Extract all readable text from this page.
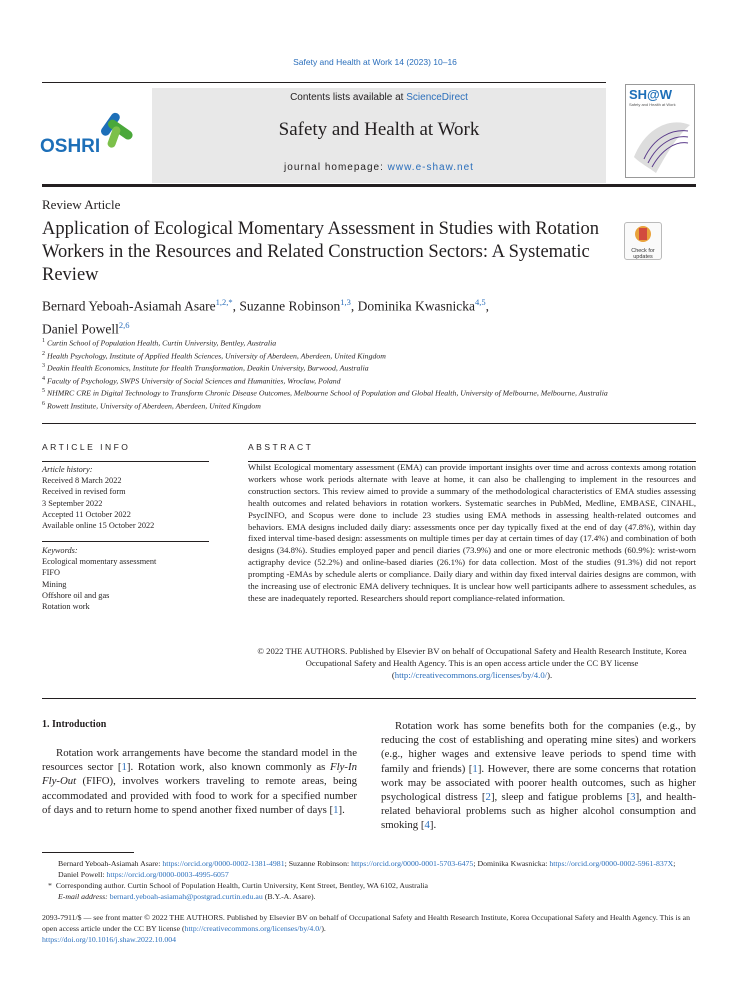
Safety and Health at Work 14 (2023) 10–16
Contents lists available at ScienceDirect
Safety and Health at Work
journal homepage: www.e-shaw.net
OSHRI
SH@W
Safety and Health at Work
Review Article
Application of Ecological Momentary Assessment in Studies with Rotation Workers in the Resources and Related Construction Sectors: A Systematic Review
Check for updates
Bernard Yeboah-Asiamah Asare$^{1,2,*}$, Suzanne Robinson$^{1,3}$, Dominika Kwasnicka$^{4,5}$,
Daniel Powell$^{2,6}$
$^1$ Curtin School of Population Health, Curtin University, Bentley, Australia
$^2$ Health Psychology, Institute of Applied Health Sciences, University of Aberdeen, Aberdeen, United Kingdom
$^3$ Deakin Health Economics, Institute for Health Transformation, Deakin University, Burwood, Australia
$^4$ Faculty of Psychology, SWPS University of Social Sciences and Humanities, Wroclaw, Poland
$^5$ NHMRC CRE in Digital Technology to Transform Chronic Disease Outcomes, Melbourne School of Population and Global Health, University of Melbourne, Melbourne, Australia
$^6$ Rowett Institute, University of Aberdeen, Aberdeen, United Kingdom
ARTICLE INFO	ABSTRACT
Article history:
Received 8 March 2022
Received in revised form
3 September 2022
Accepted 11 October 2022
Available online 15 October 2022
Keywords:
Ecological momentary assessment
FIFO
Mining
Offshore oil and gas
Rotation work
Whilst Ecological momentary assessment (EMA) can provide important insights over time and across contexts among rotation workers whose work periods alternate with leave at home, it can also be challenging to implement in the resources and construction sectors. This review aimed to provide a summary of the methodological characteristics of EMA studies assessing health outcomes and related behaviors in rotation workers. Systematic searches in PubMed, Medline, EMBASE, CINAHL, PsycINFO, and Scopus were done to include 23 studies using EMA methods in assessing health-related outcomes and behaviors. EMA designs included daily diary: assessments once per day typically fixed at the end of day (47.8%), within day fixed interval time-based design: assessments on multiple times per day at certain times of day (17.4%) and combination of both designs (34.8%). Studies employed paper and pencil diaries (73.9%) and one or more electronic methods (60.9%): wrist-worn actigraphy device (52.2%) and online-based diaries (26.1%) for data collection. Most of the studies (91.3%) did not report prompting -EMAs by schedule alerts or compliance. Daily diary and within day fixed interval dairies designs are common, with the increasing use of electronic EMA delivery techniques. It is unclear how well participants adhere to assessment schedules, as these are inadequately reported. Researchers should report compliance-related information.
© 2022 THE AUTHORS. Published by Elsevier BV on behalf of Occupational Safety and Health Research Institute, Korea Occupational Safety and Health Agency. This is an open access article under the CC BY license (http://creativecommons.org/licenses/by/4.0/).
1. Introduction
Rotation work arrangements have become the standard model in the resources sector [1]. Rotation work, also known commonly as Fly-In Fly-Out (FIFO), involves workers traveling to remote areas, being accommodated and provided with food to work for a specified number of days and to return home to spend another fixed number of days [1].
Rotation work has some benefits both for the companies (e.g., by reducing the cost of establishing and operating mine sites) and workers (e.g., higher wages and extensive leave periods to spend time with family and friends) [1]. However, there are some concerns that rotation work may be associated with poorer health outcomes, such as higher psychological distress [2], sleep and fatigue problems [3], and health-related behavioral problems such as higher alcohol consumption and smoking [4].
Bernard Yeboah-Asiamah Asare: https://orcid.org/0000-0002-1381-4981; Suzanne Robinson: https://orcid.org/0000-0001-5703-6475; Dominika Kwasnicka: https://orcid.org/0000-0002-5961-837X; Daniel Powell: https://orcid.org/0000-0003-4995-6057
* Corresponding author. Curtin School of Population Health, Curtin University, Kent Street, Bentley, WA 6102, Australia
E-mail address: bernard.yeboah-asiamah@postgrad.curtin.edu.au (B.Y.-A. Asare).
2093-7911/$ — see front matter © 2022 THE AUTHORS. Published by Elsevier BV on behalf of Occupational Safety and Health Research Institute, Korea Occupational Safety and Health Agency. This is an open access article under the CC BY license (http://creativecommons.org/licenses/by/4.0/).
https://doi.org/10.1016/j.shaw.2022.10.004
